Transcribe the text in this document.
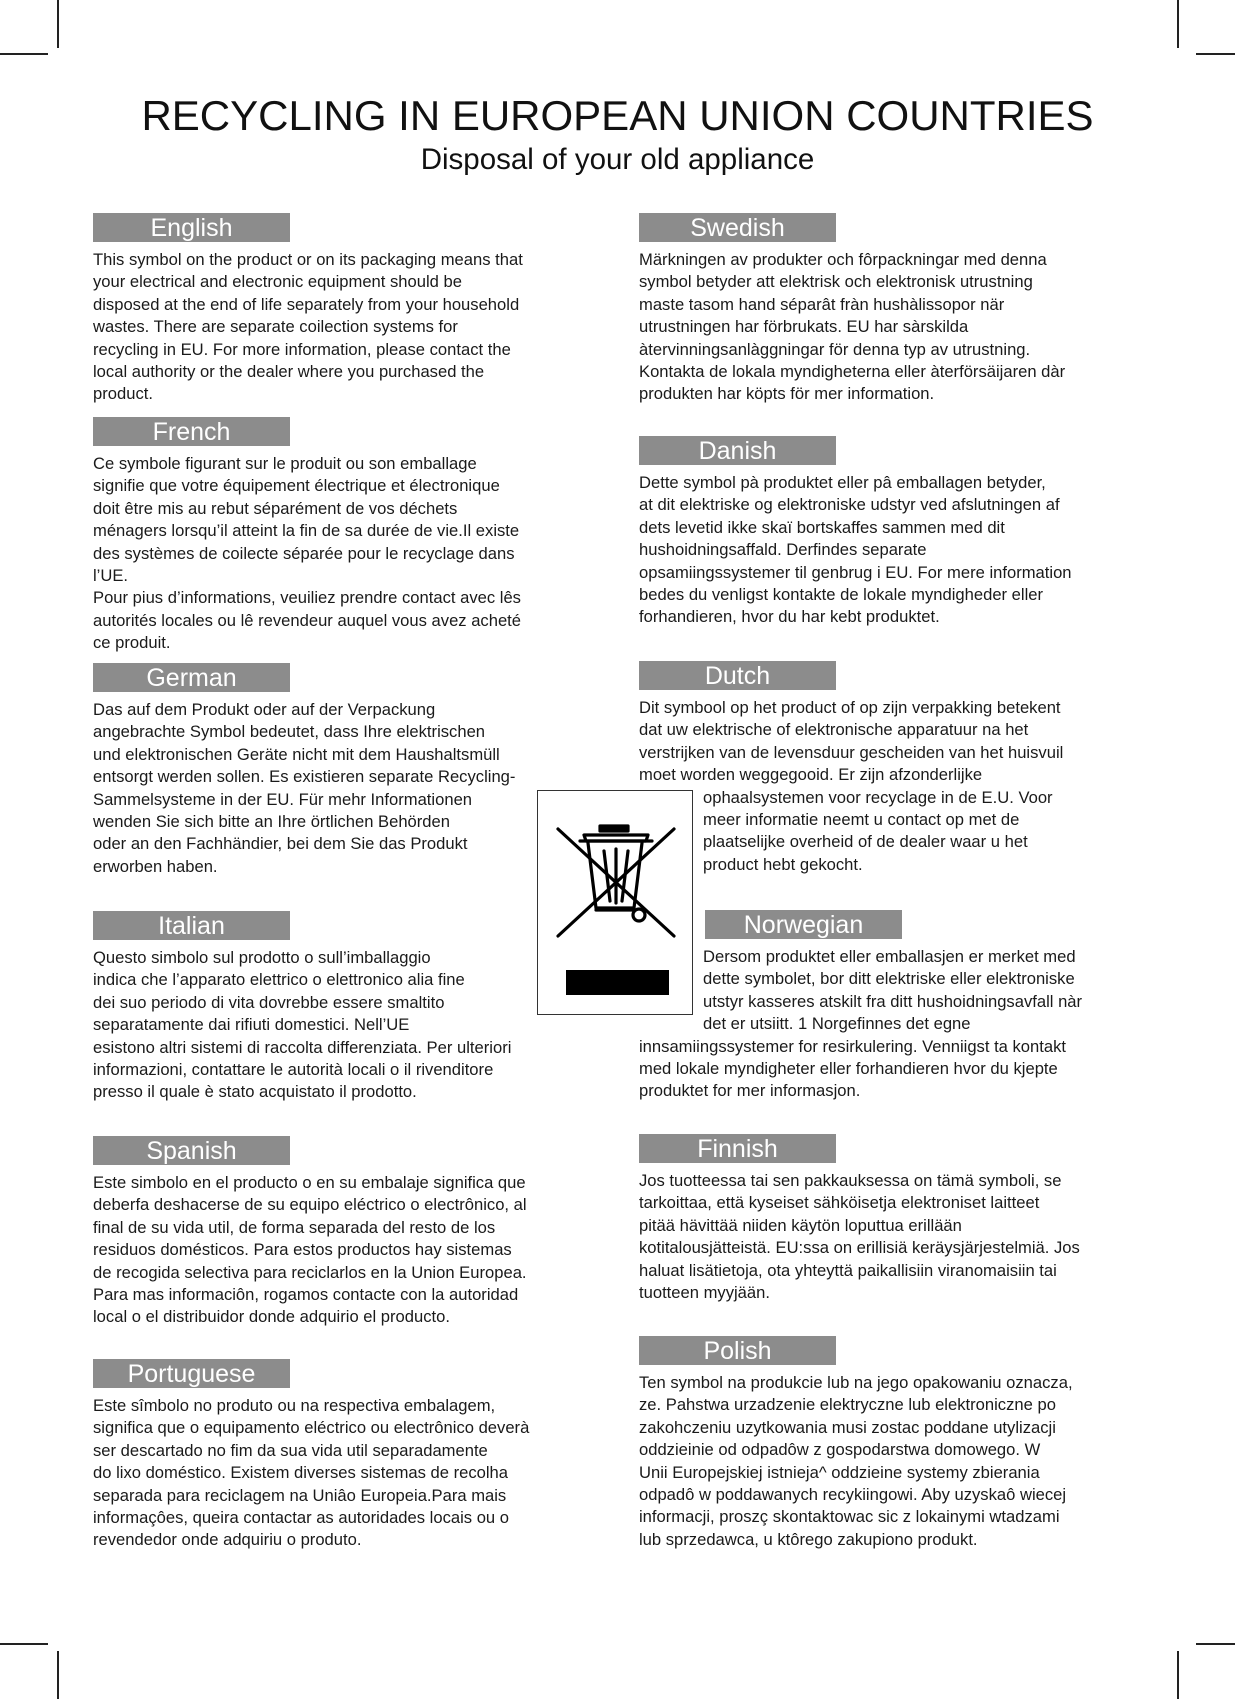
RECYCLING IN EUROPEAN UNION COUNTRIES
Disposal of your old appliance
English

This symbol on the product or on its packaging means that
your electrical and electronic equipment should be
disposed at the end of life separately from your household
wastes. There are separate coilection systems for
recycling in EU. For more information, please contact the
local authority or the dealer where you purchased the
product.

French

Ce symbole figurant sur le produit ou son emballage
signifie que votre équipement électrique et électronique
doit être mis au rebut séparément de vos déchets
ménagers lorsqu’il atteint la fin de sa durée de vie.Il existe
des systèmes de coilecte séparée pour le recyclage dans
l’UE.
Pour pius d’informations, veuiliez prendre contact avec lês
autorités locales ou lê revendeur auquel vous avez acheté
ce produit.

German

Das auf dem Produkt oder auf der Verpackung
angebrachte Symbol bedeutet, dass Ihre elektrischen
und elektronischen Geräte nicht mit dem Haushaltsmüll
entsorgt werden sollen. Es existieren separate Recycling-
Sammelsysteme in der EU. Für mehr Informationen
wenden Sie sich bitte an Ihre örtlichen Behörden
oder an den Fachhändier, bei dem Sie das Produkt
erworben haben.

Italian

Questo simbolo sul prodotto o sull’imballaggio
indica che l’apparato elettrico o elettronico alia fine
dei suo periodo di vita dovrebbe essere smaltito
separatamente dai rifiuti domestici. Nell’UE
esistono altri sistemi di raccolta differenziata. Per ulteriori
informazioni, contattare le autorità locali o il rivenditore
presso il quale è stato acquistato il prodotto.

Spanish

Este simbolo en el producto o en su embalaje significa que
deberfa deshacerse de su equipo eléctrico o electrônico, al
final de su vida util, de forma separada del resto de los
residuos domésticos. Para estos productos hay sistemas
de recogida selectiva para reciclarlos en la Union Europea.
Para mas informaciôn, rogamos contacte con la autoridad
local o el distribuidor donde adquirio el producto.

Portuguese

Este sîmbolo no produto ou na respectiva embalagem,
significa que o equipamento eléctrico ou electrônico deverà
ser descartado no fim da sua vida util separadamente
do lixo doméstico. Existem diverses sistemas de recolha
separada para reciclagem na Uniâo Europeia.Para mais
informaçôes, queira contactar as autoridades locais ou o
revendedor onde adquiriu o produto.

Swedish

Märkningen av produkter och fôrpackningar med denna
symbol betyder att elektrisk och elektronisk utrustning
maste tasom hand séparât fràn hushàlissopor när
utrustningen har förbrukats. EU har sàrskilda
àtervinningsanlàggningar för denna typ av utrustning.
Kontakta de lokala myndigheterna eller àterförsäijaren dàr
produkten har köpts för mer information.

Danish

Dette symbol pà produktet eller pâ emballagen betyder,
at dit elektriske og elektroniske udstyr ved afslutningen af
dets levetid ikke skaï bortskaffes sammen med dit
hushoidningsaffald. Derfindes separate
opsamiingssystemer til genbrug i EU. For mere information
bedes du venligst kontakte de lokale myndigheder eller
forhandieren, hvor du har kebt produktet.

Dutch

Dit symbool op het product of op zijn verpakking betekent
dat uw elektrische of elektronische apparatuur na het
verstrijken van de levensduur gescheiden van het huisvuil
moet worden weggegooid. Er zijn afzonderlijke

ophaalsystemen voor recyclage in de E.U. Voor
meer informatie neemt u contact op met de
plaatselijke overheid of de dealer waar u het
product hebt gekocht.

Norwegian

Dersom produktet eller emballasjen er merket med
dette symbolet, bor ditt elektriske eller elektroniske
utstyr kasseres atskilt fra ditt hushoidningsavfall nàr
det er utsiitt. 1 Norgefinnes det egne

innsamiingssystemer for resirkulering. Venniigst ta kontakt
med lokale myndigheter eller forhandieren hvor du kjepte
produktet for mer informasjon.

Finnish

Jos tuotteessa tai sen pakkauksessa on tämä symboli, se
tarkoittaa, että kyseiset sähköisetja elektroniset laitteet
pitää hävittää niiden käytön loputtua erillään
kotitalousjätteistä. EU:ssa on erillisiä keräysjärjestelmiä. Jos
haluat lisätietoja, ota yhteyttä paikallisiin viranomaisiin tai
tuotteen myyjään.

Polish

Ten symbol na produkcie lub na jego opakowaniu oznacza,
ze. Pahstwa urzadzenie elektryczne lub elektroniczne po
zakohczeniu uzytkowania musi zostac poddane utylizacji
oddzieinie od odpadôw z gospodarstwa domowego. W
Unii Europejskiej istnieja^ oddzieine systemy zbierania
odpadô w poddawanych recykiingowi. Aby uzyskaô wiecej
informacji, proszç skontaktowac sic z lokainymi wtadzami
lub sprzedawca, u ktôrego zakupiono produkt.
